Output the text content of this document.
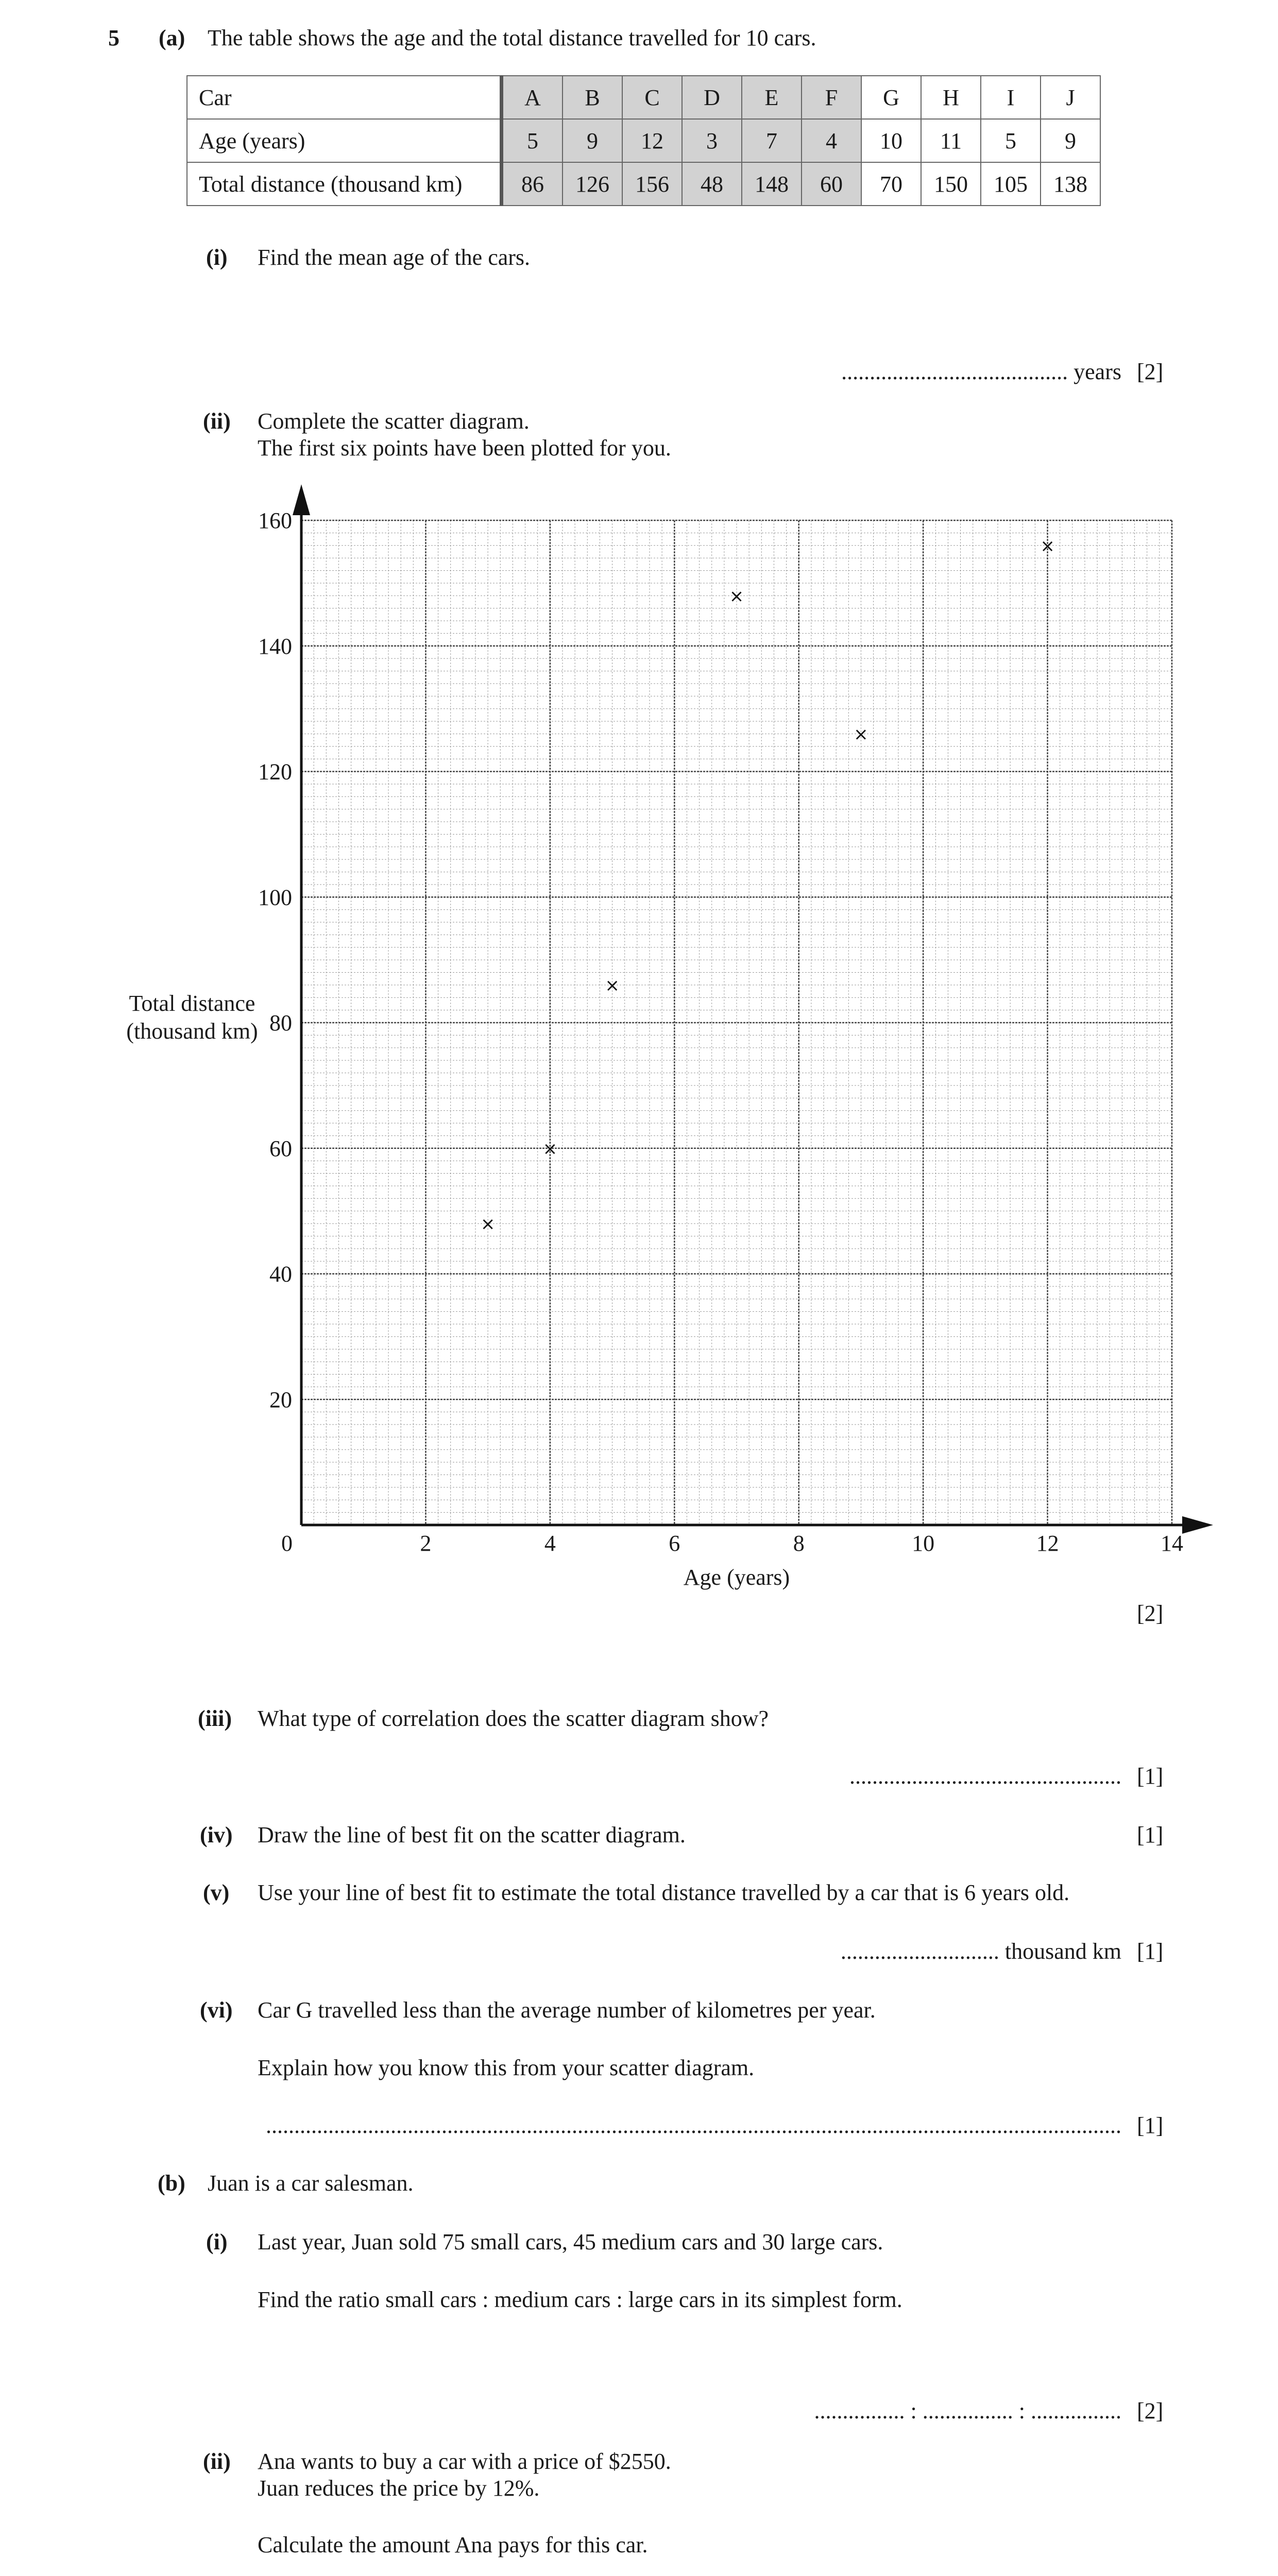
5 (a) The table shows the age and the total distance travelled for 10 cars.
Car	A	B	C	D	E	F	G	H	I	J
Age (years)	5	9	12	3	7	4	10	11	5	9
Total distance (thousand km)	86	126	156	48	148	60	70	150	105	138
(i) Find the mean age of the cars.
........................................ years [2]
(ii) Complete the scatter diagram.
The first six points have been plotted for you.
0	2	4	6	8	10	12	14
20
40
60
80
100
120
140
160
×
×
×
×
×
×
Total distance
(thousand km)
Age (years)
[2]
(iii) What type of correlation does the scatter diagram show?
................................................ [1]
(iv) Draw the line of best fit on the scatter diagram.	[1]
(v) Use your line of best fit to estimate the total distance travelled by a car that is 6 years old.
............................ thousand km [1]
(vi) Car G travelled less than the average number of kilometres per year.
Explain how you know this from your scatter diagram.
....................................................................................................................................................... [1]
(b) Juan is a car salesman.
(i) Last year, Juan sold 75 small cars, 45 medium cars and 30 large cars.
Find the ratio small cars : medium cars : large cars in its simplest form.
................ : ................ : ................ [2]
(ii) Ana wants to buy a car with a price of $2550.
Juan reduces the price by 12%.
Calculate the amount Ana pays for this car.
